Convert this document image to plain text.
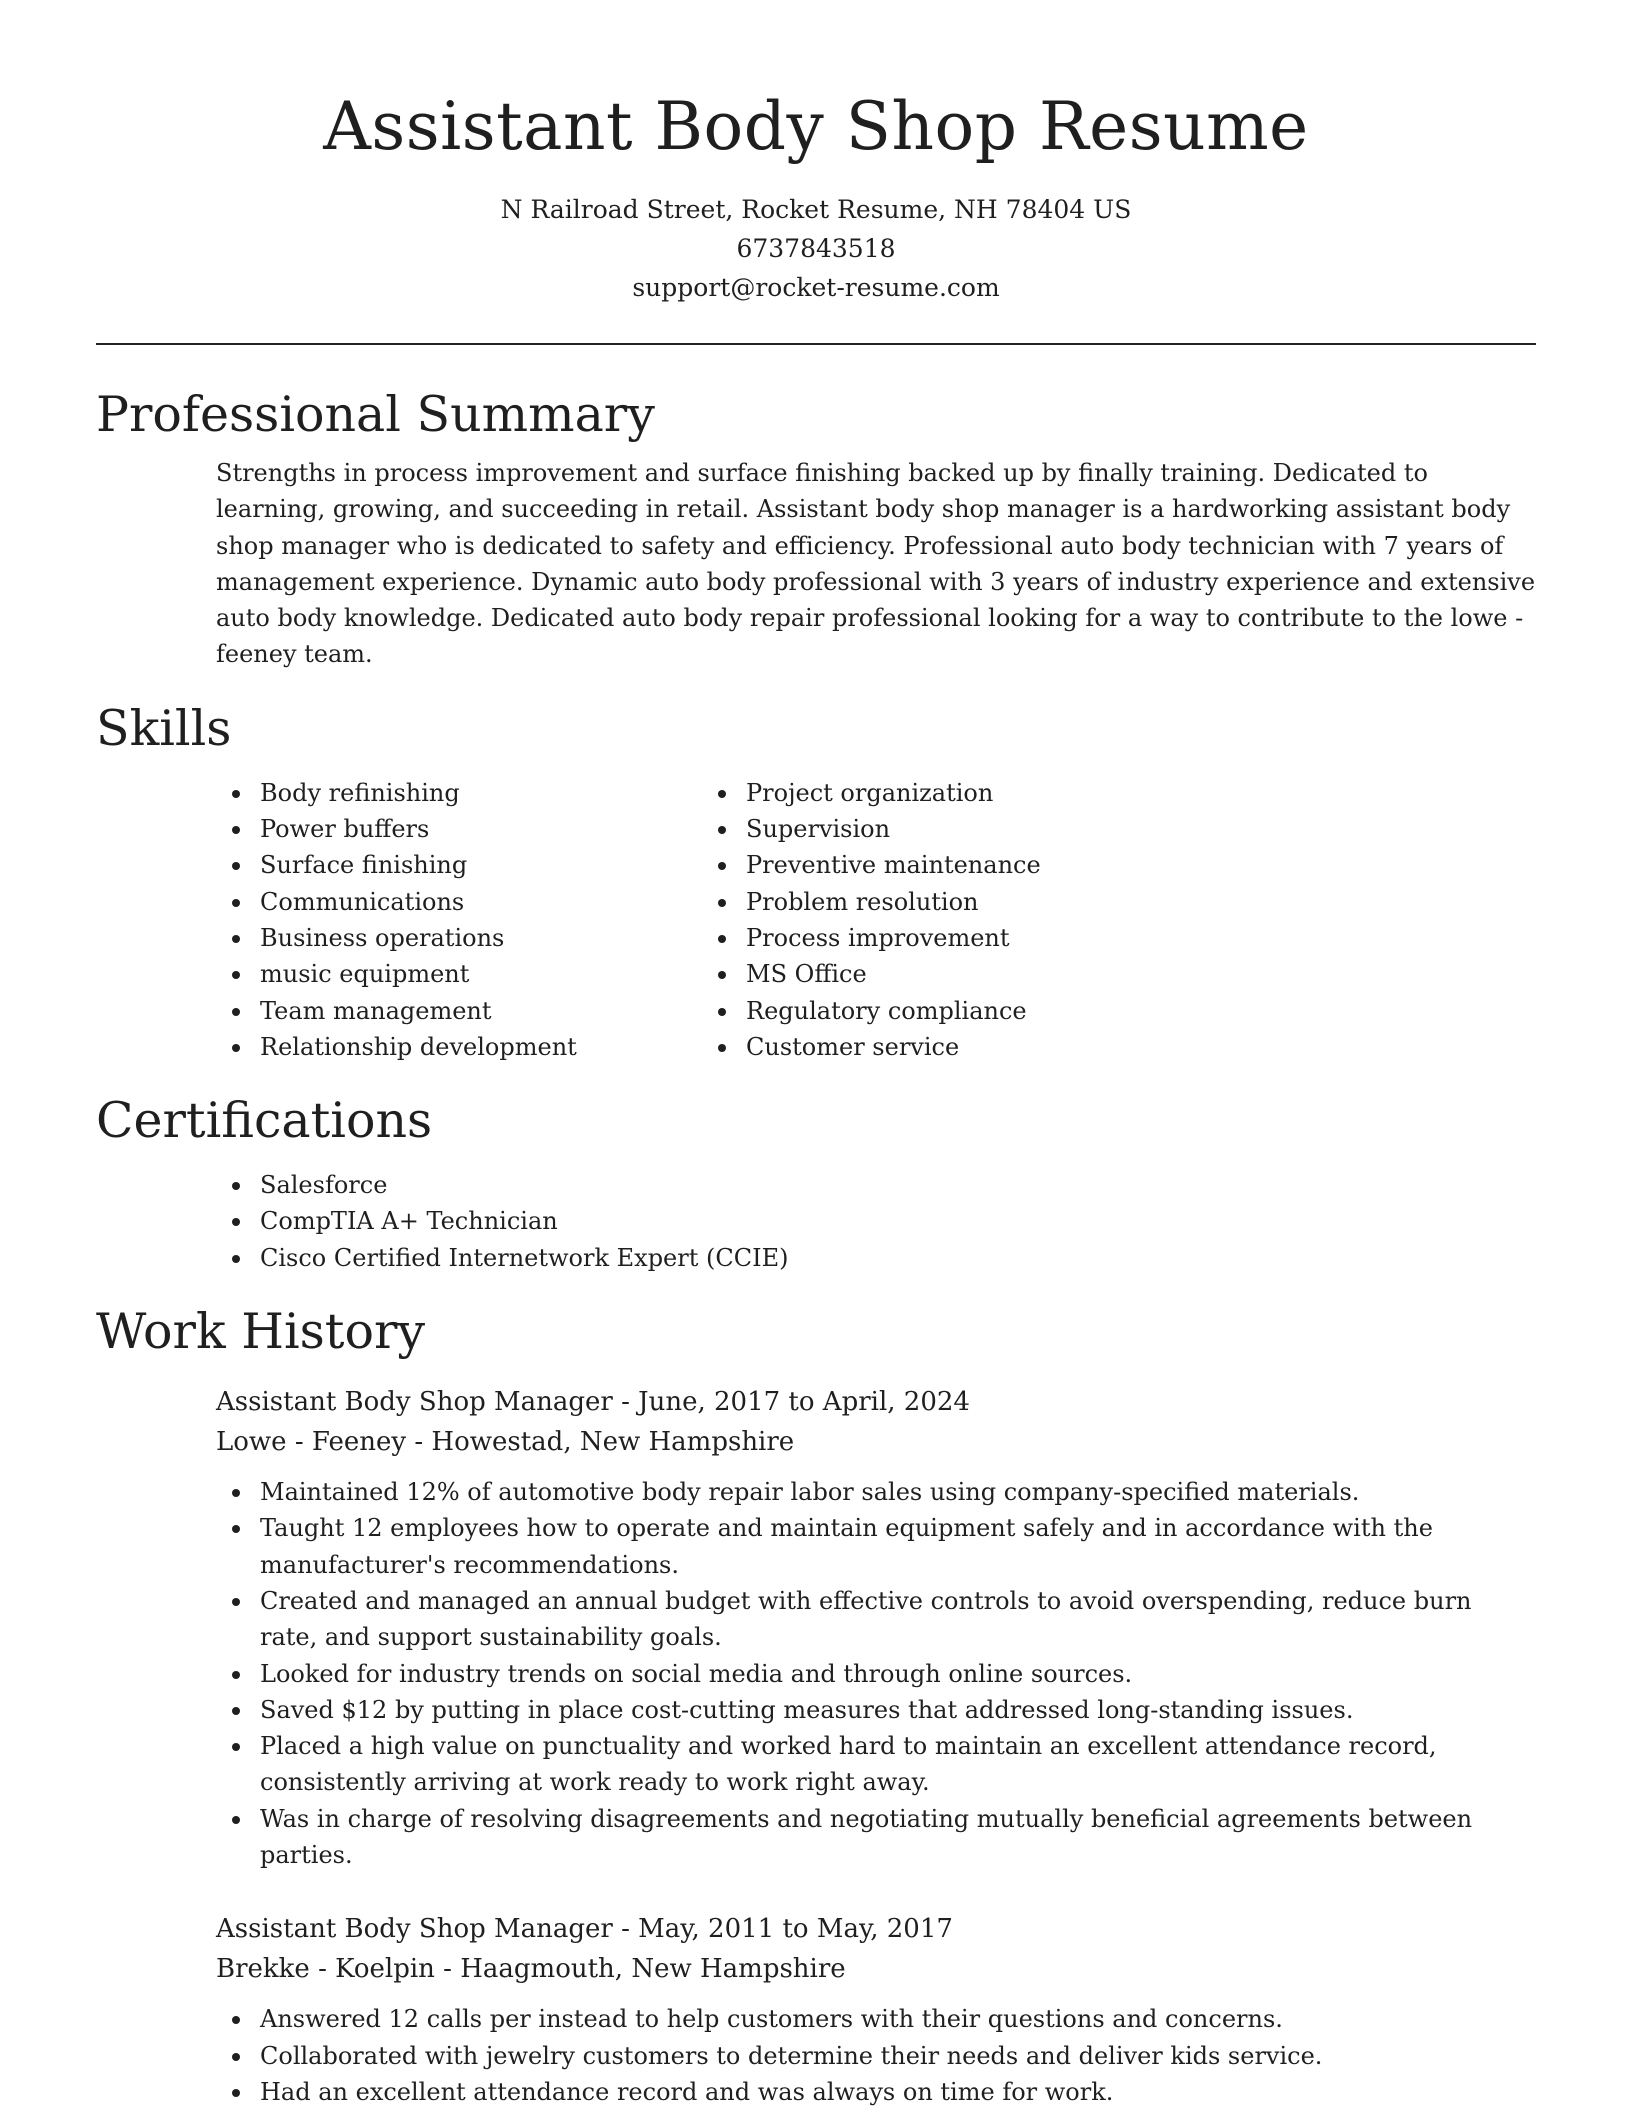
Assistant Body Shop Resume

N Railroad Street, Rocket Resume, NH 78404 US

6737843518

support@rocket-resume.com

Professional Summary

Strengths in process improvement and surface finishing backed up by finally training. Dedicated to learning, growing, and succeeding in retail. Assistant body shop manager is a hardworking assistant body shop manager who is dedicated to safety and efficiency. Professional auto body technician with 7 years of management experience. Dynamic auto body professional with 3 years of industry experience and extensive auto body knowledge. Dedicated auto body repair professional looking for a way to contribute to the lowe - feeney team.

Skills
Body refinishing
Power buffers
Surface finishing
Communications
Business operations
music equipment
Team management
Relationship development
Project organization
Supervision
Preventive maintenance
Problem resolution
Process improvement
MS Office
Regulatory compliance
Customer service
Certifications
Salesforce
CompTIA A+ Technician
Cisco Certified Internetwork Expert (CCIE)
Work History

Assistant Body Shop Manager - June, 2017 to April, 2024

Lowe - Feeney - Howestad, New Hampshire

Maintained 12% of automotive body repair labor sales using company-specified materials.
Taught 12 employees how to operate and maintain equipment safely and in accordance with the manufacturer's recommendations.
Created and managed an annual budget with effective controls to avoid overspending, reduce burn rate, and support sustainability goals.
Looked for industry trends on social media and through online sources.
Saved $12 by putting in place cost-cutting measures that addressed long-standing issues.
Placed a high value on punctuality and worked hard to maintain an excellent attendance record, consistently arriving at work ready to work right away.
Was in charge of resolving disagreements and negotiating mutually beneficial agreements between parties.

Assistant Body Shop Manager - May, 2011 to May, 2017

Brekke - Koelpin - Haagmouth, New Hampshire

Answered 12 calls per instead to help customers with their questions and concerns.
Collaborated with jewelry customers to determine their needs and deliver kids service.
Had an excellent attendance record and was always on time for work.
